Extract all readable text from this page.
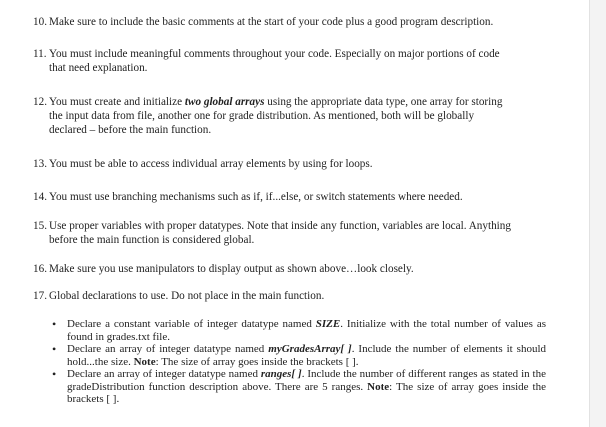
10. Make sure to include the basic comments at the start of your code plus a good program description.

11. You must include meaningful comments throughout your code. Especially on major portions of code
that need explanation.

12. You must create and initialize two global arrays using the appropriate data type, one array for storing
the input data from file, another one for grade distribution. As mentioned, both will be globally
declared – before the main function.

13. You must be able to access individual array elements by using for loops.

14. You must use branching mechanisms such as if, if...else, or switch statements where needed.

15. Use proper variables with proper datatypes. Note that inside any function, variables are local. Anything
before the main function is considered global.

16. Make sure you use manipulators to display output as shown above…look closely.

17. Global declarations to use. Do not place in the main function.

• Declare a constant variable of integer datatype named SIZE. Initialize with the total number of values as found in grades.txt file.
• Declare an array of integer datatype named myGradesArray[ ]. Include the number of elements it should hold...the size. Note: The size of array goes inside the brackets [ ].
• Declare an array of integer datatype named ranges[ ]. Include the number of different ranges as stated in the gradeDistribution function description above. There are 5 ranges. Note: The size of array goes inside the brackets [ ].
